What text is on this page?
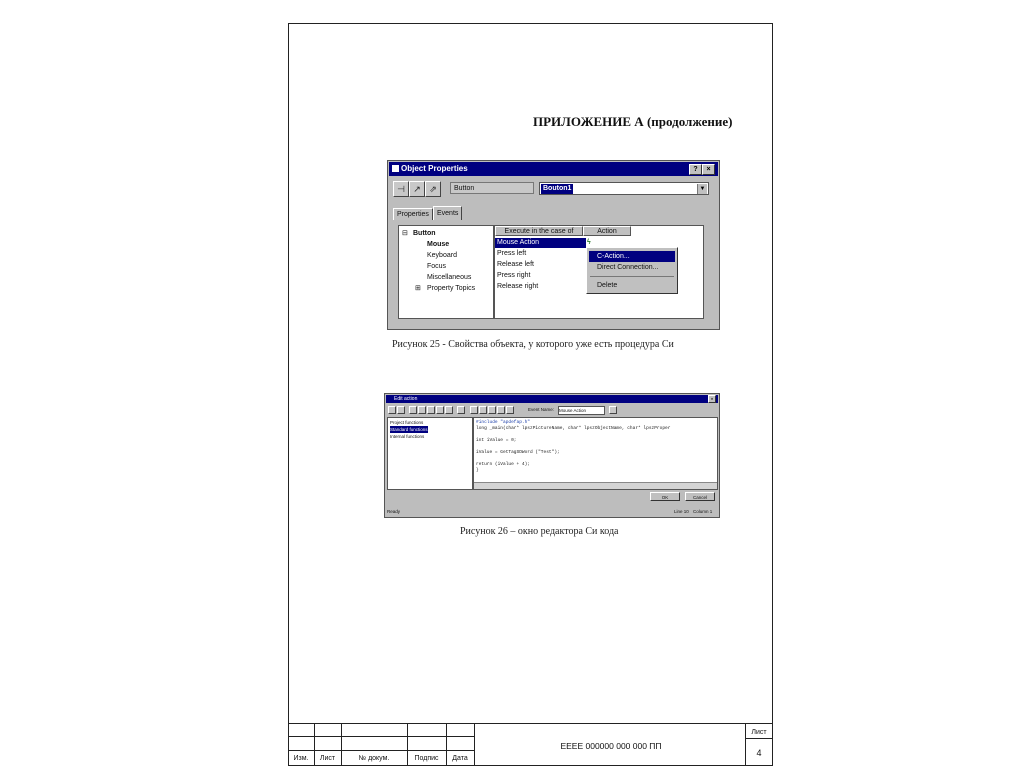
ПРИЛОЖЕНИЕ А (продолжение)
Object Properties	?	×
⊣ ↗ ⇗	Button	Bouton1	▼
Properties	Events
⊟ Button
Mouse
Keyboard
Focus
Miscellaneous
⊞ Property Topics
Execute in the case of	Action
Mouse Action	ϟ
Press left
Release left
Press right
Release right
C-Action...
Direct Connection...
Delete
Рисунок 25 - Свойства объекта, у которого уже есть процедура Си
Edit action	×
Event Name: Mouse Action
Project functions
Standard functions
Internal functions
#include "apdefap.h"
long _main(char* lpszPictureName, char* lpszObjectName, char* lpszProper
int iValue = 0;
iValue = GetTagSDWord ("Test");
return (iValue + 4);
}
OK	Cancel
Ready	Line 10 Column 1
Рисунок 26 – окно редактора Си кода
ЕЕЕЕ 000000 000 000 ПП
Лист
4
Изм.	Лист	№ докум.	Подпис	Дата
